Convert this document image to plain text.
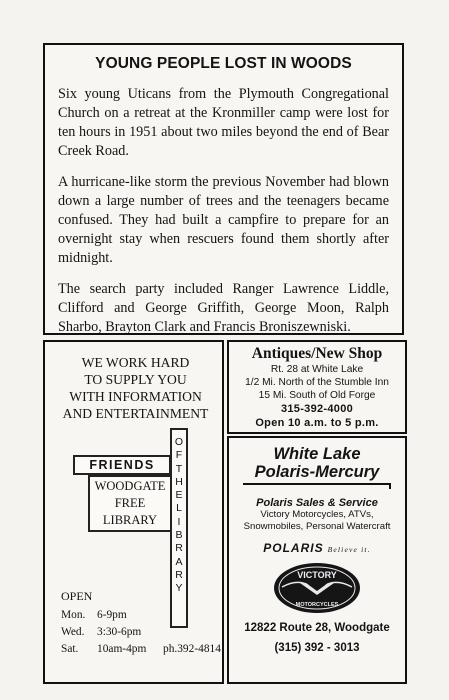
YOUNG PEOPLE LOST IN WOODS

Six young Uticans from the Plymouth Congregational Church on a retreat at the Kronmiller camp were lost for ten hours in 1951 about two miles beyond the end of Bear Creek Road.

A hurricane-like storm the previous November had blown down a large number of trees and the teenagers became confused. They had built a campfire to prepare for an overnight stay when rescuers found them shortly after midnight.

The search party included Ranger Lawrence Liddle, Clifford and George Griffith, George Moon, Ralph Sharbo, Brayton Clark and Francis Broniszewniski.

WE WORK HARD
TO SUPPLY YOU
WITH INFORMATION
AND ENTERTAINMENT
O
F
T
H
E
L
I
B
R
A
R
Y
FRIENDS
WOODGATE
FREE
LIBRARY
OPEN
Mon.	6-9pm
Wed.	3:30-6pm
Sat.	10am-4pm	ph.392-4814
Antiques/New Shop
Rt. 28 at White Lake
1/2 Mi. North of the Stumble Inn
15 Mi. South of Old Forge
315-392-4000
Open 10 a.m. to 5 p.m.
White Lake
Polaris-Mercury
Polaris Sales & Service
Victory Motorcycles, ATVs,
Snowmobiles, Personal Watercraft
POLARIS Believe it.
VICTORY
MOTORCYCLES
12822 Route 28, Woodgate
(315) 392 - 3013
